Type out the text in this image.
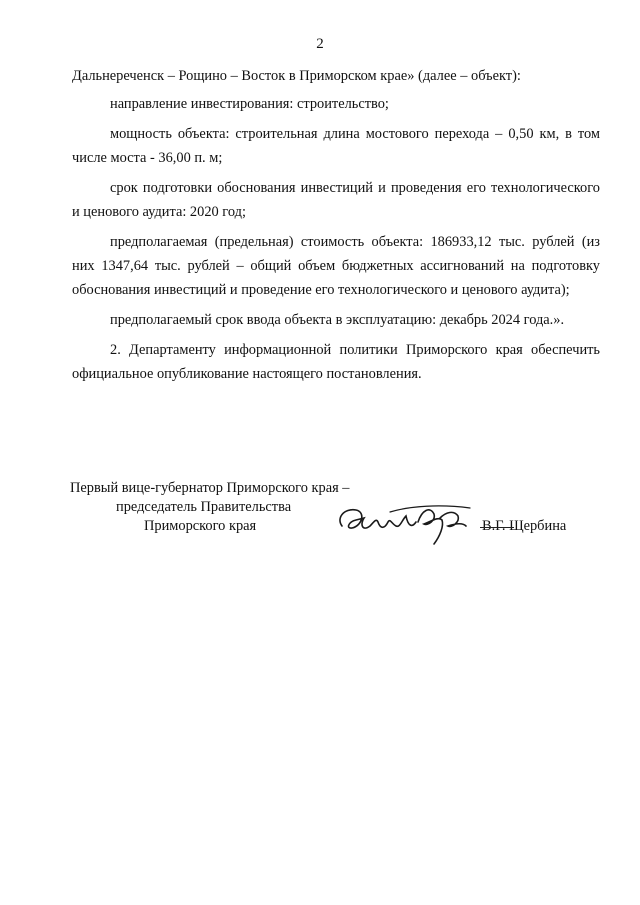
2

Дальнереченск – Рощино – Восток в Приморском крае» (далее – объект):

направление инвестирования: строительство;

мощность объекта: строительная длина мостового перехода – 0,50 км, в том числе моста - 36,00 п. м;

срок подготовки обоснования инвестиций и проведения его технологического и ценового аудита: 2020 год;

предполагаемая (предельная) стоимость объекта: 186933,12 тыс. рублей (из них 1347,64 тыс. рублей – общий объем бюджетных ассигнований на подготовку обоснования инвестиций и проведение его технологического и ценового аудита);

предполагаемый срок ввода объекта в эксплуатацию: декабрь 2024 года.».

2. Департаменту информационной политики Приморского края обеспечить официальное опубликование настоящего постановления.

Первый вице-губернатор Приморского края –
председатель Правительства
Приморского края	В.Г. Щербина
